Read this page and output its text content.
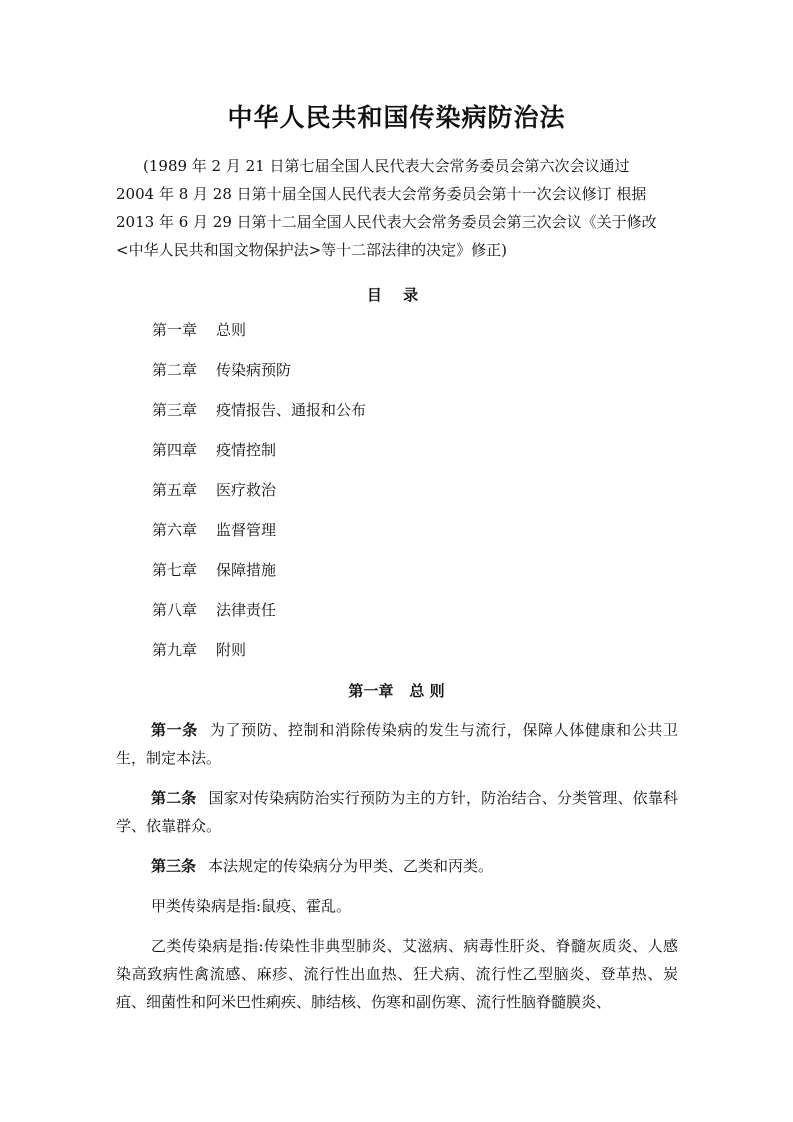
中华人民共和国传染病防治法
(1989 年 2 月 21 日第七届全国人民代表大会常务委员会第六次会议通过
2004 年 8 月 28 日第十届全国人民代表大会常务委员会第十一次会议修订 根据
2013 年 6 月 29 日第十二届全国人民代表大会常务委员会第三次会议《关于修改
<中华人民共和国文物保护法>等十二部法律的决定》修正)
目 录
第一章 总则
第二章 传染病预防
第三章 疫情报告、通报和公布
第四章 疫情控制
第五章 医疗救治
第六章 监督管理
第七章 保障措施
第八章 法律责任
第九章 附则
第一章 总 则

第一条 为了预防、控制和消除传染病的发生与流行，保障人体健康和公共卫生，制定本法。

第二条 国家对传染病防治实行预防为主的方针，防治结合、分类管理、依靠科学、依靠群众。

第三条 本法规定的传染病分为甲类、乙类和丙类。

甲类传染病是指:鼠疫、霍乱。

乙类传染病是指:传染性非典型肺炎、艾滋病、病毒性肝炎、脊髓灰质炎、人感染高致病性禽流感、麻疹、流行性出血热、狂犬病、流行性乙型脑炎、登革热、炭疽、细菌性和阿米巴性痢疾、肺结核、伤寒和副伤寒、流行性脑脊髓膜炎、
